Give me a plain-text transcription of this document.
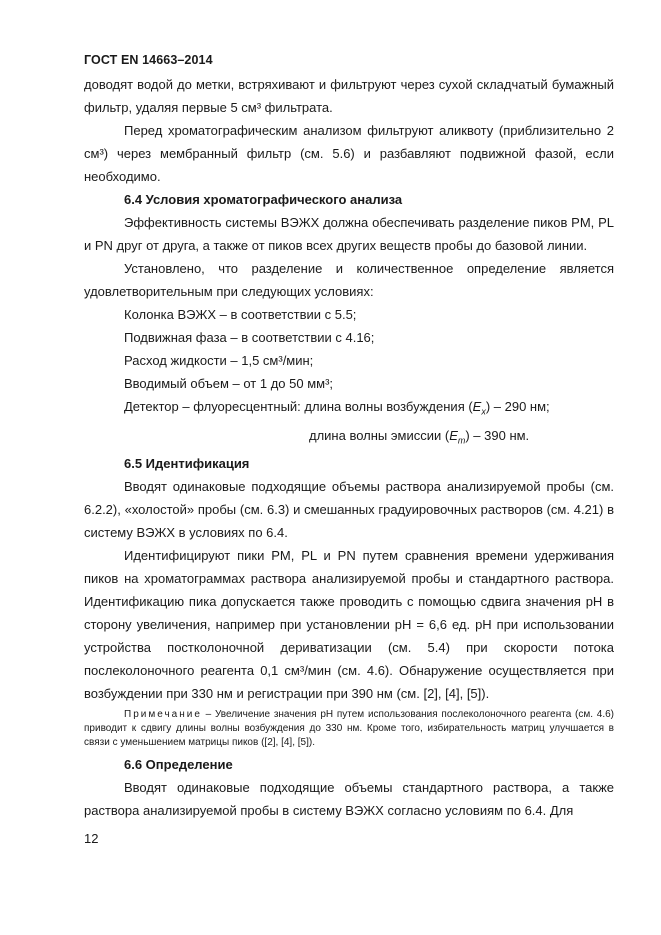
ГОСТ EN 14663–2014

доводят водой до метки, встряхивают и фильтруют через сухой складчатый бумажный фильтр, удаляя первые 5 см³ фильтрата.

Перед хроматографическим анализом фильтруют аликвоту (приблизительно 2 см³) через мембранный фильтр (см. 5.6) и разбавляют подвижной фазой, если необходимо.

6.4 Условия хроматографического анализа

Эффективность системы ВЭЖХ должна обеспечивать разделение пиков PM, PL и PN друг от друга, а также от пиков всех других веществ пробы до базовой линии.

Установлено, что разделение и количественное определение является удовлетворительным при следующих условиях:

Колонка ВЭЖХ – в соответствии с 5.5;

Подвижная фаза – в соответствии с 4.16;

Расход жидкости – 1,5 см³/мин;

Вводимый объем – от 1 до 50 мм³;

Детектор – флуоресцентный: длина волны возбуждения $(E_x) - 290$ нм;

длина волны эмиссии $(E_m) - 390$ нм.

6.5 Идентификация

Вводят одинаковые подходящие объемы раствора анализируемой пробы (см. 6.2.2), «холостой» пробы (см. 6.3) и смешанных градуировочных растворов (см. 4.21) в систему ВЭЖХ в условиях по 6.4.

Идентифицируют пики PM, PL и PN путем сравнения времени удерживания пиков на хроматограммах раствора анализируемой пробы и стандартного раствора. Идентификацию пика допускается также проводить с помощью сдвига значения pH в сторону увеличения, например при установлении pH = 6,6 ед. pH при использовании устройства постколоночной дериватизации (см. 5.4) при скорости потока послеколоночного реагента 0,1 см³/мин (см. 4.6). Обнаружение осуществляется при возбуждении при 330 нм и регистрации при 390 нм (см. [2], [4], [5]).

Примечание – Увеличение значения pH путем использования послеколоночного реагента (см. 4.6) приводит к сдвигу длины волны возбуждения до 330 нм. Кроме того, избирательность матриц улучшается в связи с уменьшением матрицы пиков ([2], [4], [5]).

6.6 Определение

Вводят одинаковые подходящие объемы стандартного раствора, а также раствора анализируемой пробы в систему ВЭЖХ согласно условиям по 6.4. Для

12
